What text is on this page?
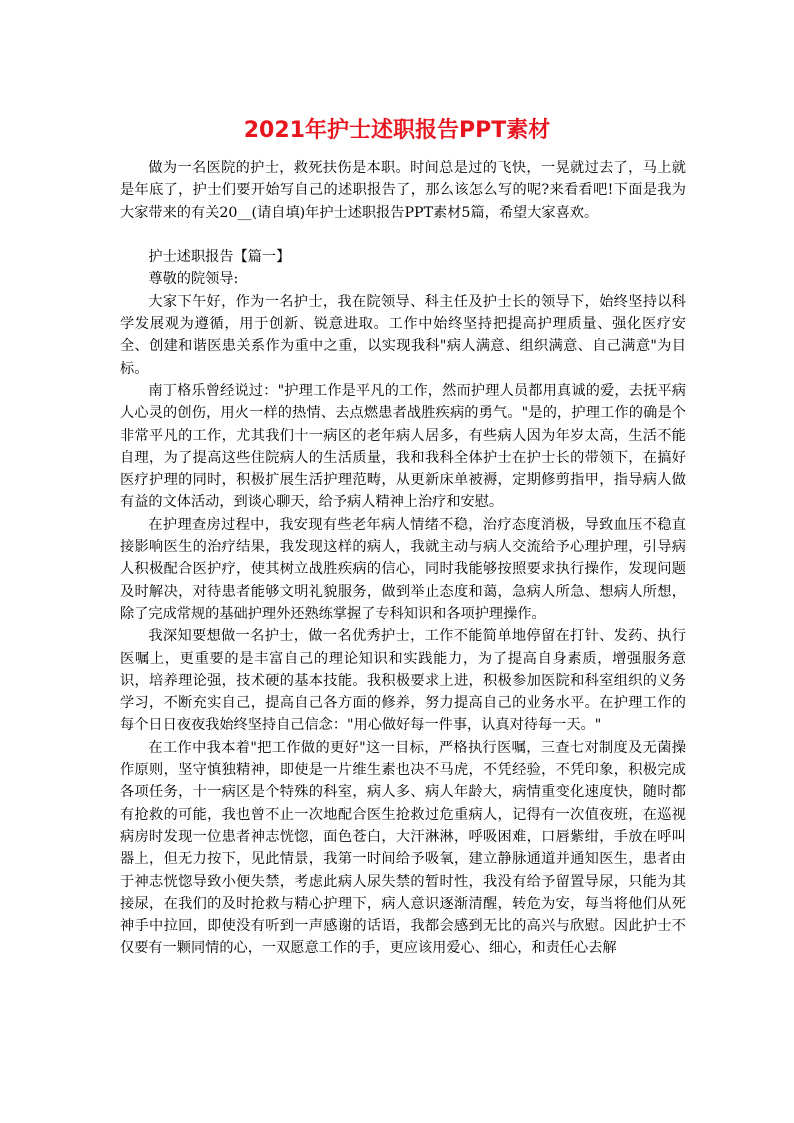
2021年护士述职报告PPT素材

做为一名医院的护士，救死扶伤是本职。时间总是过的飞快，一晃就过去了，马上就是年底了，护士们要开始写自己的述职报告了，那么该怎么写的呢?来看看吧!下面是我为大家带来的有关20__(请自填)年护士述职报告PPT素材5篇，希望大家喜欢。

护士述职报告【篇一】

尊敬的院领导:

大家下午好，作为一名护士，我在院领导、科主任及护士长的领导下，始终坚持以科学发展观为遵循，用于创新、锐意进取。工作中始终坚持把提高护理质量、强化医疗安全、创建和谐医患关系作为重中之重，以实现我科"病人满意、组织满意、自己满意"为目标。

南丁格乐曾经说过："护理工作是平凡的工作，然而护理人员都用真诚的爱，去抚平病人心灵的创伤，用火一样的热情、去点燃患者战胜疾病的勇气。"是的，护理工作的确是个非常平凡的工作，尤其我们十一病区的老年病人居多，有些病人因为年岁太高，生活不能自理，为了提高这些住院病人的生活质量，我和我科全体护士在护士长的带领下，在搞好医疗护理的同时，积极扩展生活护理范畴，从更新床单被褥，定期修剪指甲，指导病人做有益的文体活动，到谈心聊天，给予病人精神上治疗和安慰。

在护理查房过程中，我安现有些老年病人情绪不稳，治疗态度消极，导致血压不稳直接影响医生的治疗结果，我发现这样的病人，我就主动与病人交流给予心理护理，引导病人积极配合医护疗，使其树立战胜疾病的信心，同时我能够按照要求执行操作，发现问题及时解决，对待患者能够文明礼貌服务，做到举止态度和蔼，急病人所急、想病人所想，除了完成常规的基础护理外还熟练掌握了专科知识和各项护理操作。

我深知要想做一名护士，做一名优秀护士，工作不能简单地停留在打针、发药、执行医嘱上，更重要的是丰富自己的理论知识和实践能力，为了提高自身素质，增强服务意识，培养理论强，技术硬的基本技能。我积极要求上进，积极参加医院和科室组织的义务学习，不断充实自己，提高自己各方面的修养，努力提高自己的业务水平。在护理工作的每个日日夜夜我始终坚持自己信念："用心做好每一件事，认真对待每一天。"

在工作中我本着"把工作做的更好"这一目标，严格执行医嘱，三查七对制度及无菌操作原则，坚守慎独精神，即使是一片维生素也决不马虎，不凭经验，不凭印象，积极完成各项任务，十一病区是个特殊的科室，病人多、病人年龄大，病情重变化速度快，随时都有抢救的可能，我也曾不止一次地配合医生抢救过危重病人，记得有一次值夜班，在巡视病房时发现一位患者神志恍惚，面色苍白，大汗淋淋，呼吸困难，口唇紫绀，手放在呼叫器上，但无力按下，见此情景，我第一时间给予吸氧，建立静脉通道并通知医生，患者由于神志恍惚导致小便失禁，考虑此病人尿失禁的暂时性，我没有给予留置导尿，只能为其接尿，在我们的及时抢救与精心护理下，病人意识逐渐清醒，转危为安，每当将他们从死神手中拉回，即使没有听到一声感谢的话语，我都会感到无比的高兴与欣慰。因此护士不仅要有一颗同情的心，一双愿意工作的手，更应该用爱心、细心，和责任心去解
